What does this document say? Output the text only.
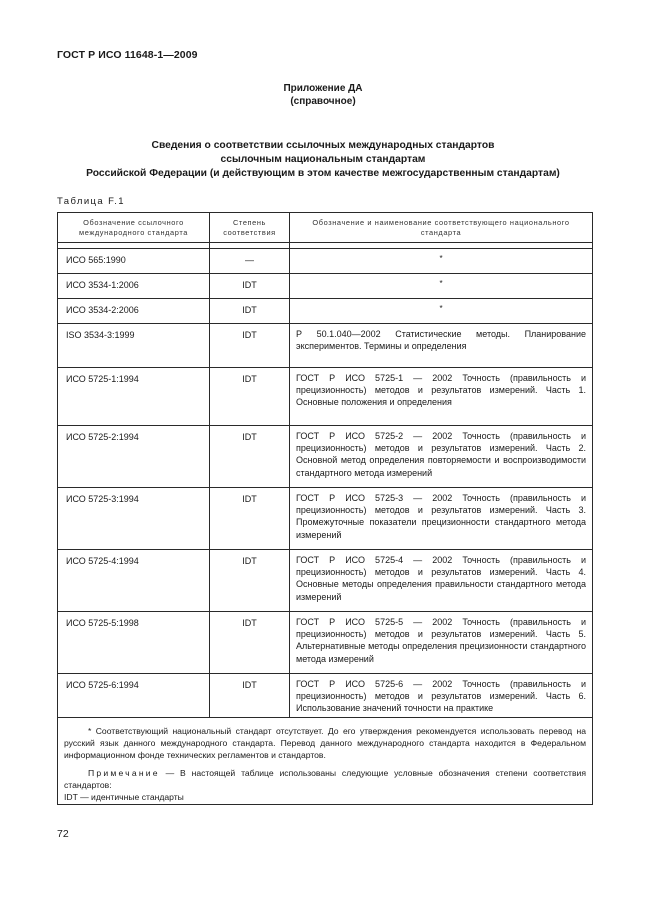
ГОСТ Р ИСО 11648-1—2009
Приложение ДА
(справочное)
Сведения о соответствии ссылочных международных стандартов
ссылочным национальным стандартам
Российской Федерации (и действующим в этом качестве межгосударственным стандартам)
Таблица F.1
Обозначение ссылочного международного стандарта	Степень соответствия	Обозначение и наименование соответствующего национального стандарта

ИСО 565:1990	—	*
ИСО 3534-1:2006	IDT	*
ИСО 3534-2:2006	IDT	*
ISO 3534-3:1999	IDT	Р 50.1.040—2002 Статистические методы. Планирование экспериментов. Термины и определения
ИСО 5725-1:1994	IDT	ГОСТ Р ИСО 5725-1 — 2002 Точность (правильность и прецизионность) методов и результатов измерений. Часть 1. Основные положения и определения
ИСО 5725-2:1994	IDT	ГОСТ Р ИСО 5725-2 — 2002 Точность (правильность и прецизионность) методов и результатов измерений. Часть 2. Основной метод определения повторяемости и воспроизводимости стандартного метода измерений
ИСО 5725-3:1994	IDT	ГОСТ Р ИСО 5725-3 — 2002 Точность (правильность и прецизионность) методов и результатов измерений. Часть 3. Промежуточные показатели прецизионности стандартного метода измерений
ИСО 5725-4:1994	IDT	ГОСТ Р ИСО 5725-4 — 2002 Точность (правильность и прецизионность) методов и результатов измерений. Часть 4. Основные методы определения правильности стандартного метода измерений
ИСО 5725-5:1998	IDT	ГОСТ Р ИСО 5725-5 — 2002 Точность (правильность и прецизионность) методов и результатов измерений. Часть 5. Альтернативные методы определения прецизионности стандартного метода измерений
ИСО 5725-6:1994	IDT	ГОСТ Р ИСО 5725-6 — 2002 Точность (правильность и прецизионность) методов и результатов измерений. Часть 6. Использование значений точности на практике

* Соответствующий национальный стандарт отсутствует. До его утверждения рекомендуется использовать перевод на русский язык данного международного стандарта. Перевод данного международного стандарта находится в Федеральном информационном фонде технических регламентов и стандартов.

Примечание — В настоящей таблице использованы следующие условные обозначения степени соответствия стандартов:

IDT — идентичные стандарты		

72
